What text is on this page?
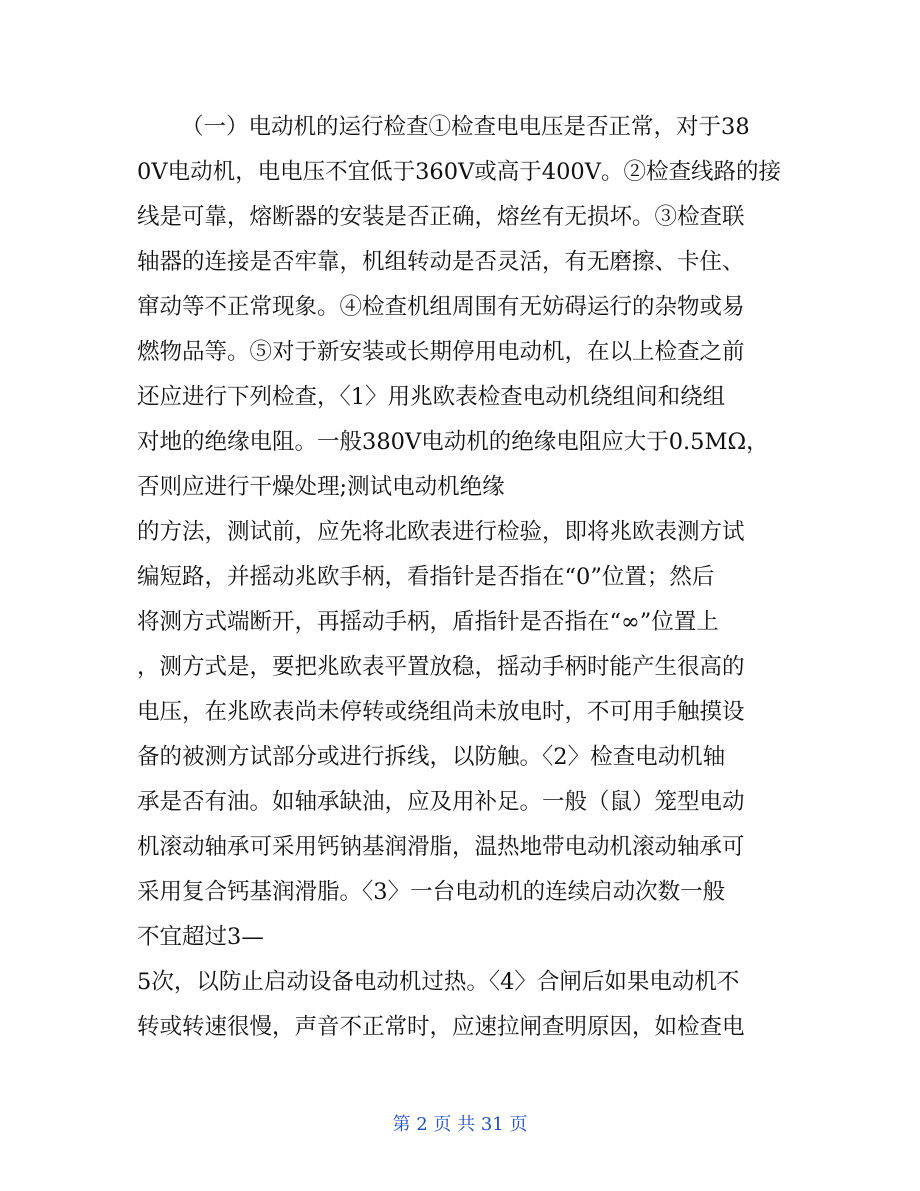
（一）电动机的运行检查①检查电电压是否正常，对于38
0V电动机，电电压不宜低于360V或高于400V。②检查线路的接
线是可靠，熔断器的安装是否正确，熔丝有无损坏。③检查联
轴器的连接是否牢靠，机组转动是否灵活，有无磨擦、卡住、
窜动等不正常现象。④检查机组周围有无妨碍运行的杂物或易
燃物品等。⑤对于新安装或长期停用电动机，在以上检查之前
还应进行下列检查，〈1〉用兆欧表检查电动机绕组间和绕组
对地的绝缘电阻。一般380V电动机的绝缘电阻应大于0.5MΩ，
否则应进行干燥处理;测试电动机绝缘
的方法，测试前，应先将北欧表进行检验，即将兆欧表测方试
编短路，并摇动兆欧手柄，看指针是否指在“0”位置；然后
将测方式端断开，再摇动手柄，盾指针是否指在“∞”位置上
，测方式是，要把兆欧表平置放稳，摇动手柄时能产生很高的
电压，在兆欧表尚未停转或绕组尚未放电时，不可用手触摸设
备的被测方试部分或进行拆线，以防触。〈2〉检查电动机轴
承是否有油。如轴承缺油，应及用补足。一般（鼠）笼型电动
机滚动轴承可采用钙钠基润滑脂，温热地带电动机滚动轴承可
采用复合钙基润滑脂。〈3〉一台电动机的连续启动次数一般
不宜超过3—
5次，以防止启动设备电动机过热。〈4〉合闸后如果电动机不
转或转速很慢，声音不正常时，应速拉闸查明原因，如检查电
第 2 页 共 31 页
